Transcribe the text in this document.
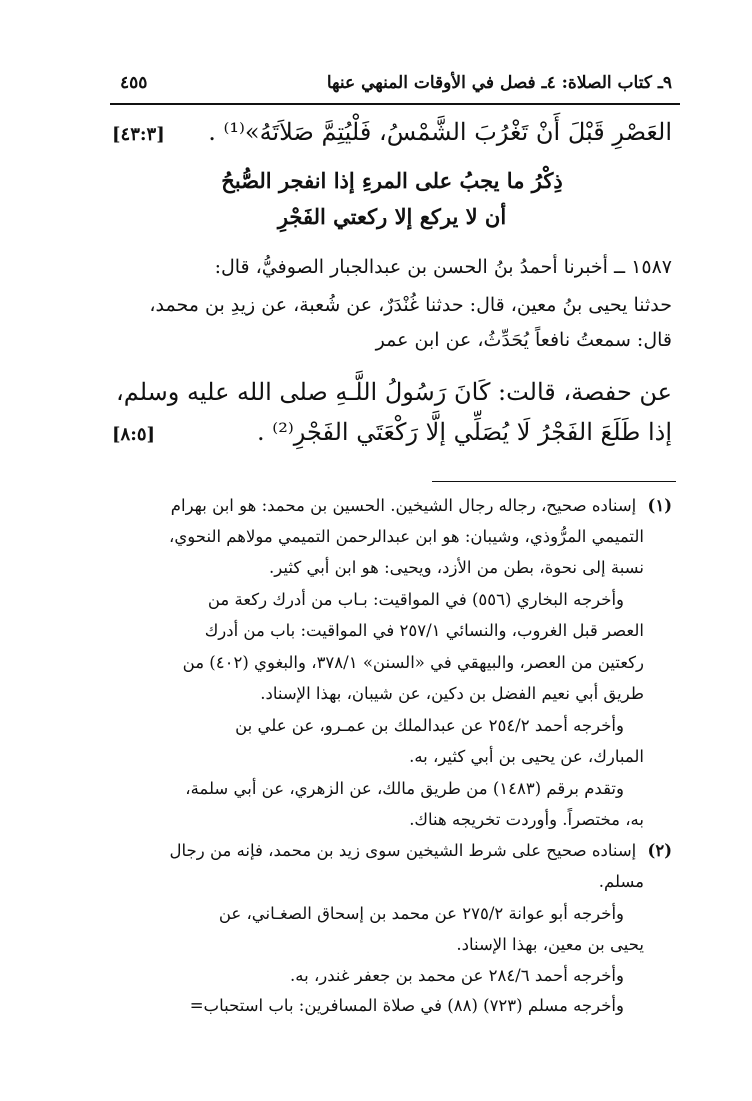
٩ـ كتاب الصلاة: ٤ـ فصل في الأوقات المنهي عنها
٤٥٥
العَصْرِ قَبْلَ أَنْ تَغْرُبَ الشَّمْسُ، فَلْيُتِمَّ صَلاَتَهُ»⁽¹⁾ .
[٤٣:٣]
ذِكْرُ ما يجبُ على المرءِ إذا انفجر الصُّبحُ
أن لا يركع إلا ركعتي الفَجْرِ
١٥٨٧ ــ أخبرنا أحمدُ بنُ الحسن بن عبدالجبار الصوفيُّ، قال:
حدثنا يحيى بنُ معين، قال: حدثنا غُنْدَرٌ، عن شُعبة، عن زيدِ بن محمد،
قال: سمعتُ نافعاً يُحَدِّثُ، عن ابن عمر
عن حفصة، قالت: كَانَ رَسُولُ اللَّـهِ صلى الله عليه وسلم،
إذا طَلَعَ الفَجْرُ لَا يُصَلِّي إلَّا رَكْعَتَي الفَجْرِ⁽²⁾ .
[٨:٥]
(١) إسناده صحيح، رجاله رجال الشيخين. الحسين بن محمد: هو ابن بهرام
التميمي المرُّوذي، وشيبان: هو ابن عبدالرحمن التميمي مولاهم النحوي،
نسبة إلى نحوة، بطن من الأزد، ويحيى: هو ابن أبي كثير.
وأخرجه البخاري (٥٥٦) في المواقيت: بـاب من أدرك ركعة من
العصر قبل الغروب، والنسائي ٢٥٧/١ في المواقيت: باب من أدرك
ركعتين من العصر، والبيهقي في «السنن» ٣٧٨/١، والبغوي (٤٠٢) من
طريق أبي نعيم الفضل بن دكين، عن شيبان، بهذا الإسناد.
وأخرجه أحمد ٢٥٤/٢ عن عبدالملك بن عمـرو، عن علي بن
المبارك، عن يحيى بن أبي كثير، به.
وتقدم برقم (١٤٨٣) من طريق مالك، عن الزهري، عن أبي سلمة،
به، مختصراً. وأوردت تخريجه هناك.
(٢) إسناده صحيح على شرط الشيخين سوى زيد بن محمد، فإنه من رجال
مسلم.
وأخرجه أبو عوانة ٢٧٥/٢ عن محمد بن إسحاق الصغـاني، عن
يحيى بن معين، بهذا الإسناد.
وأخرجه أحمد ٢٨٤/٦ عن محمد بن جعفر غندر، به.
وأخرجه مسلم (٧٢٣) (٨٨) في صلاة المسافرين: باب استحباب=
